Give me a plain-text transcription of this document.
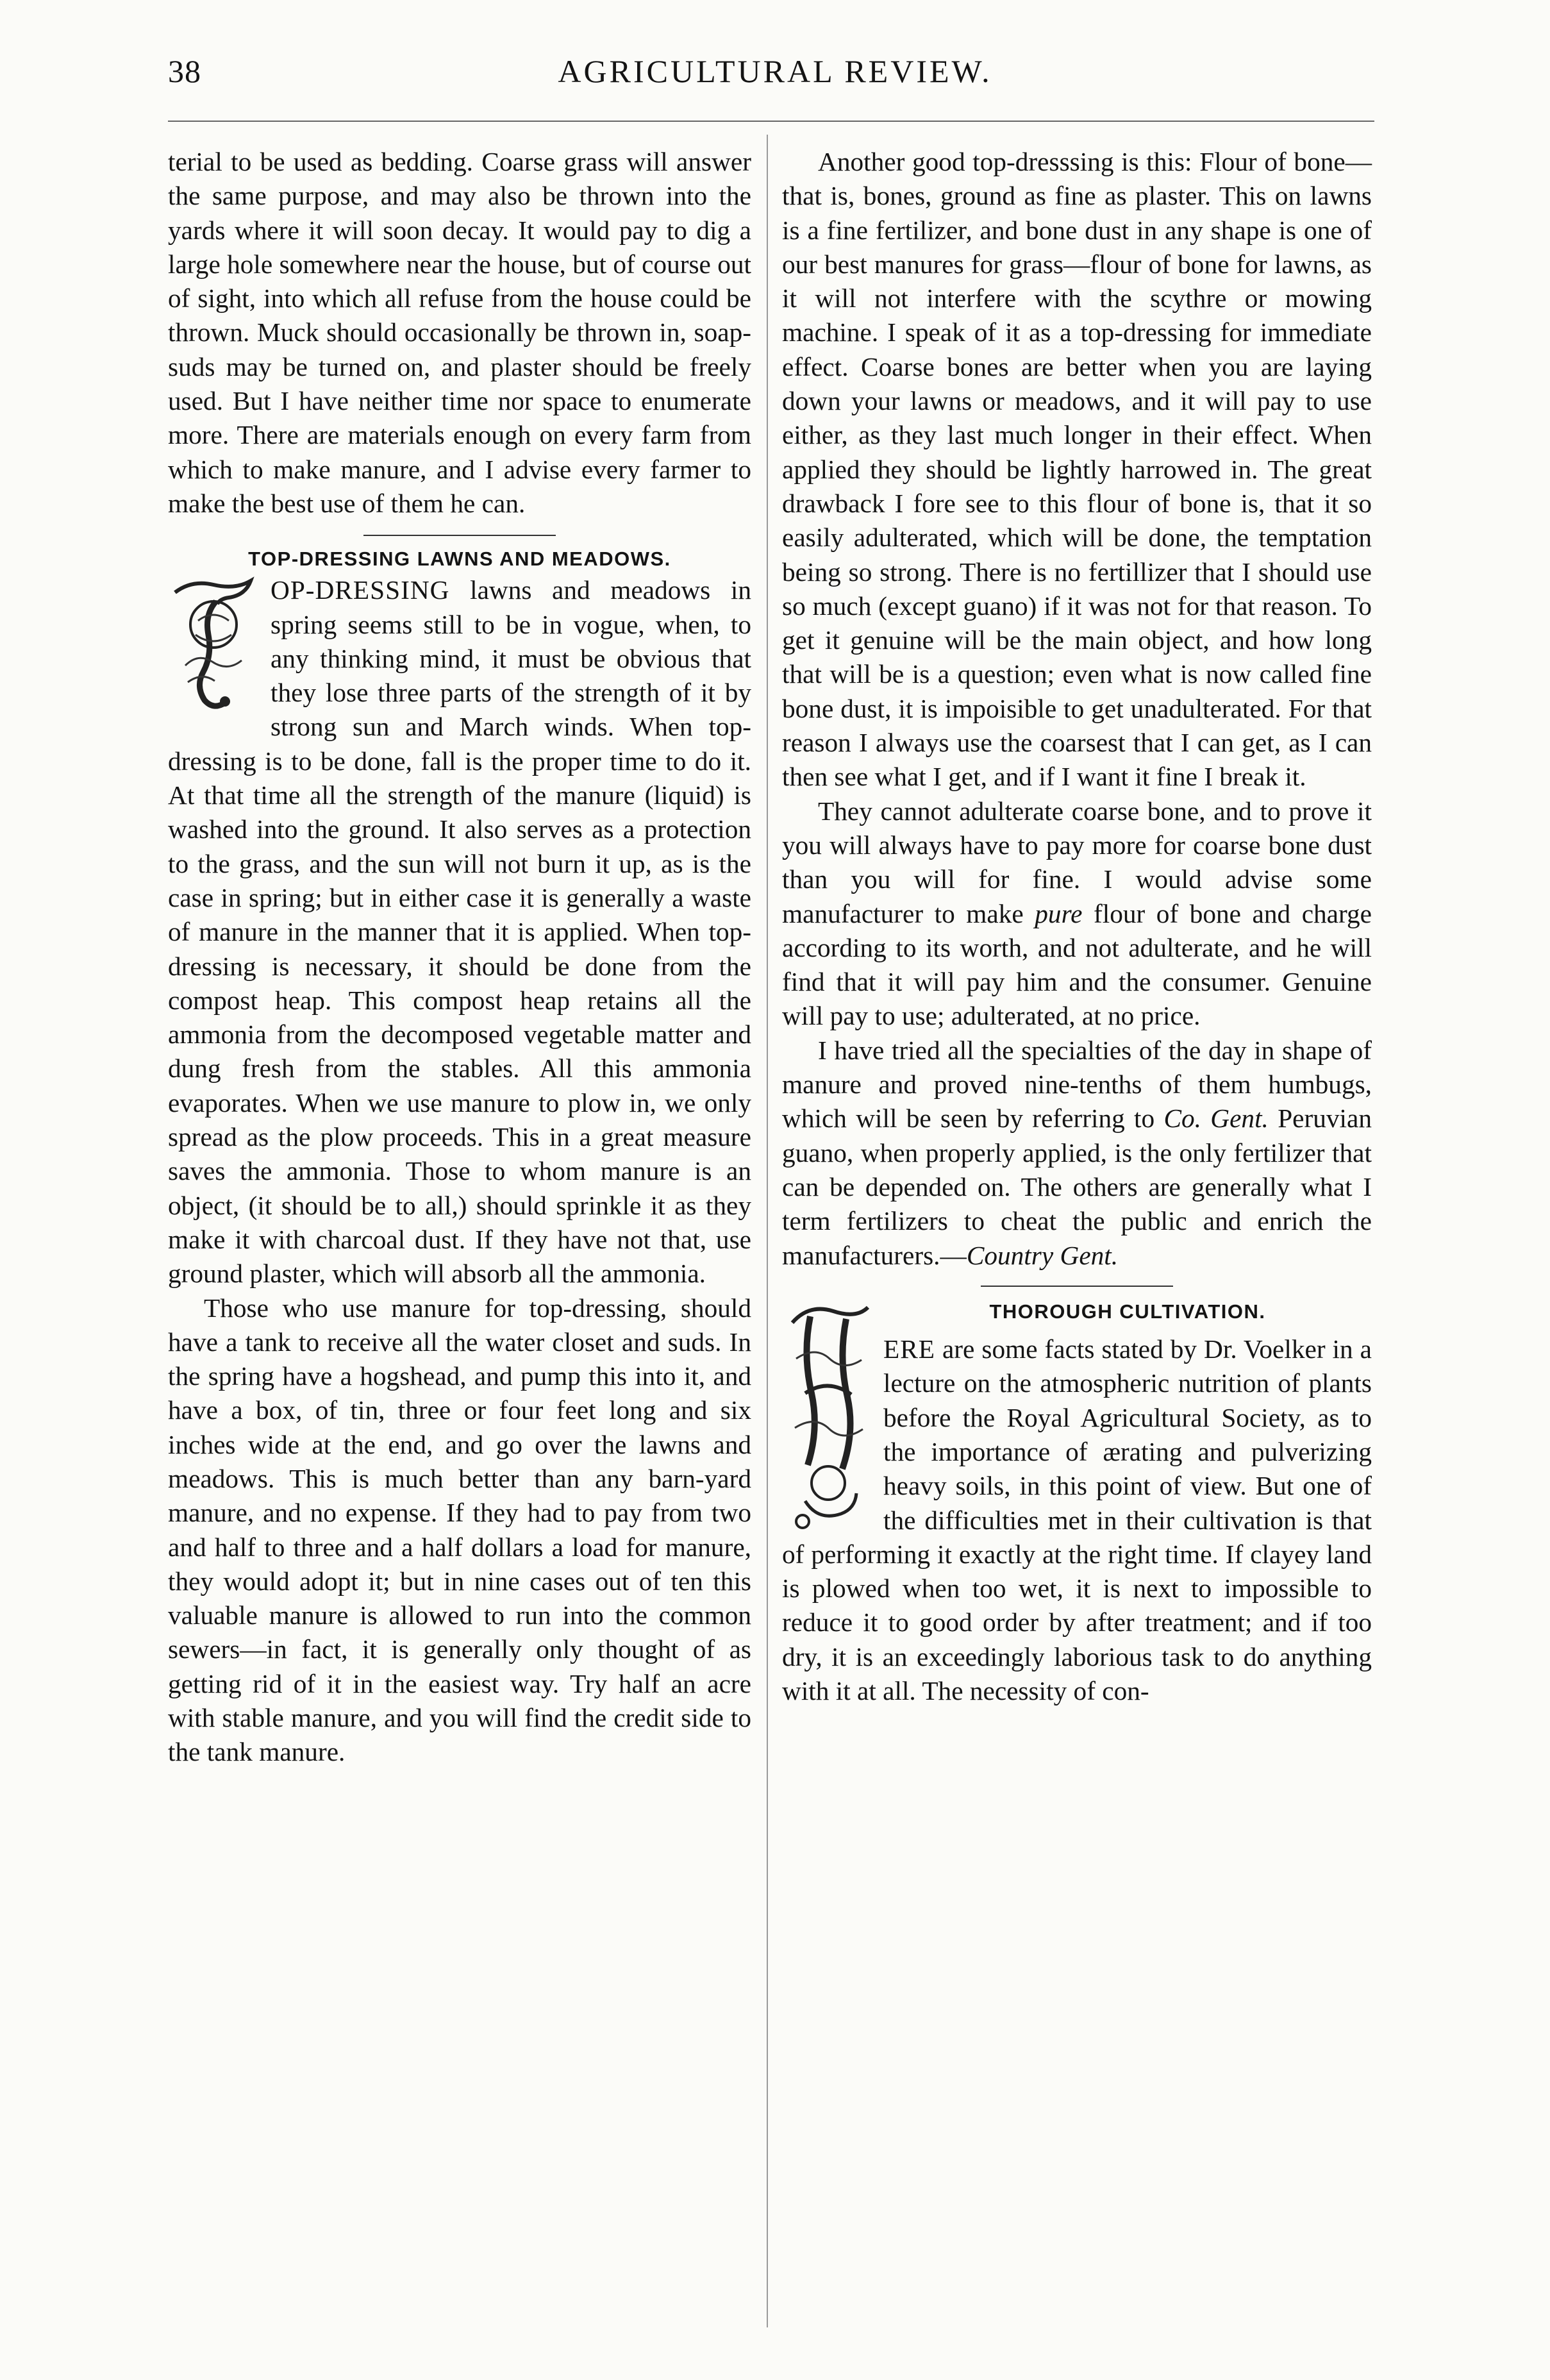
38	AGRICULTURAL REVIEW.

terial to be used as bedding. Coarse grass will answer the same purpose, and may also be thrown into the yards where it will soon decay. It would pay to dig a large hole somewhere near the house, but of course out of sight, into which all refuse from the house could be thrown. Muck should occasionally be thrown in, soap-suds may be turned on, and plaster should be freely used. But I have neither time nor space to enumerate more. There are materials enough on every farm from which to make manure, and I advise every farmer to make the best use of them he can.

TOP-DRESSING LAWNS AND MEADOWS.

OP-DRESSING lawns and meadows in spring seems still to be in vogue, when, to any thinking mind, it must be obvious that they lose three parts of the strength of it by strong sun and March winds. When top-dressing is to be done, fall is the proper time to do it. At that time all the strength of the manure (liquid) is washed into the ground. It also serves as a protection to the grass, and the sun will not burn it up, as is the case in spring; but in either case it is generally a waste of manure in the manner that it is applied. When top-dressing is necessary, it should be done from the compost heap. This compost heap retains all the ammonia from the decomposed vegetable matter and dung fresh from the stables. All this ammonia evaporates. When we use manure to plow in, we only spread as the plow proceeds. This in a great measure saves the ammonia. Those to whom manure is an object, (it should be to all,) should sprinkle it as they make it with charcoal dust. If they have not that, use ground plaster, which will absorb all the ammonia.

Those who use manure for top-dressing, should have a tank to receive all the water closet and suds. In the spring have a hogshead, and pump this into it, and have a box, of tin, three or four feet long and six inches wide at the end, and go over the lawns and meadows. This is much better than any barn-yard manure, and no expense. If they had to pay from two and half to three and a half dollars a load for manure, they would adopt it; but in nine cases out of ten this valuable manure is allowed to run into the common sewers—in fact, it is generally only thought of as getting rid of it in the easiest way. Try half an acre with stable manure, and you will find the credit side to the tank manure.

Another good top-dresssing is this: Flour of bone—that is, bones, ground as fine as plaster. This on lawns is a fine fertilizer, and bone dust in any shape is one of our best manures for grass—flour of bone for lawns, as it will not interfere with the scythre or mowing machine. I speak of it as a top-dressing for immediate effect. Coarse bones are better when you are laying down your lawns or meadows, and it will pay to use either, as they last much longer in their effect. When applied they should be lightly harrowed in. The great drawback I fore see to this flour of bone is, that it so easily adulterated, which will be done, the temptation being so strong. There is no fertillizer that I should use so much (except guano) if it was not for that reason. To get it genuine will be the main object, and how long that will be is a question; even what is now called fine bone dust, it is impoisible to get unadulterated. For that reason I always use the coarsest that I can get, as I can then see what I get, and if I want it fine I break it.

They cannot adulterate coarse bone, and to prove it you will always have to pay more for coarse bone dust than you will for fine. I would advise some manufacturer to make pure flour of bone and charge according to its worth, and not adulterate, and he will find that it will pay him and the consumer. Genuine will pay to use; adulterated, at no price.

I have tried all the specialties of the day in shape of manure and proved nine-tenths of them humbugs, which will be seen by referring to Co. Gent. Peruvian guano, when properly applied, is the only fertilizer that can be depended on. The others are generally what I term fertilizers to cheat the public and enrich the manufacturers.—Country Gent.

THOROUGH CULTIVATION.
ERE are some facts stated by Dr. Voelker in a lecture on the atmospheric nutrition of plants before the Royal Agricultural Society, as to the importance of ærating and pulverizing heavy soils, in this point of view. But one of the difficulties met in their cultivation is that of performing it exactly at the right time. If clayey land is plowed when too wet, it is next to impossible to reduce it to good order by after treatment; and if too dry, it is an exceedingly laborious task to do anything with it at all. The necessity of con-
